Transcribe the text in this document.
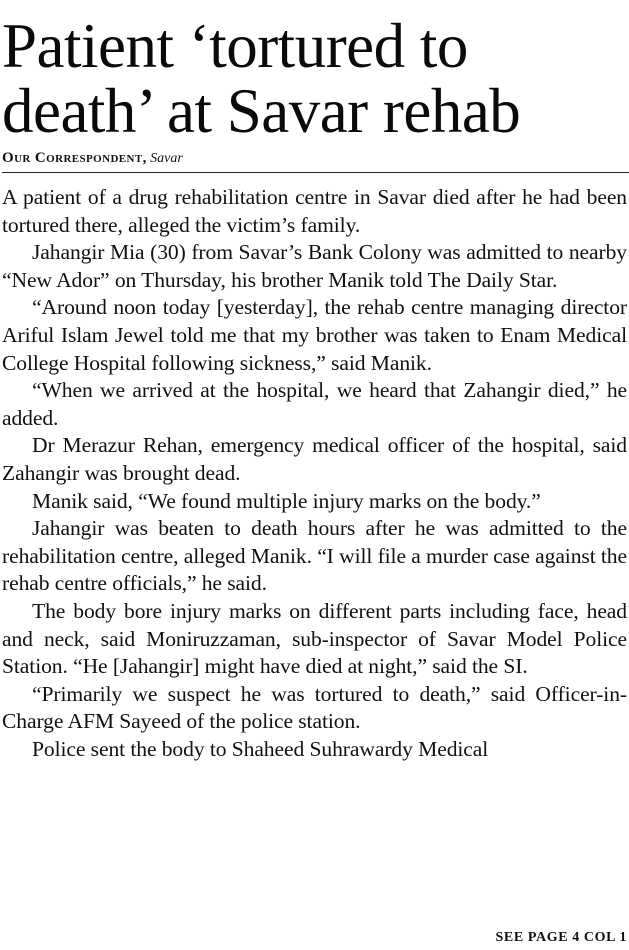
Patient ‘tortured to
death’ at Savar rehab
Our Correspondent, Savar

A patient of a drug rehabilitation centre in Savar died after he had been tortured there, alleged the victim’s family.

Jahangir Mia (30) from Savar’s Bank Colony was admitted to nearby “New Ador” on Thursday, his brother Manik told The Daily Star.

“Around noon today [yesterday], the rehab centre managing director Ariful Islam Jewel told me that my brother was taken to Enam Medical College Hospital following sickness,” said Manik.

“When we arrived at the hospital, we heard that Zahangir died,” he added.

Dr Merazur Rehan, emergency medical officer of the hospital, said Zahangir was brought dead.

Manik said, “We found multiple injury marks on the body.”

Jahangir was beaten to death hours after he was admitted to the rehabilitation centre, alleged Manik. “I will file a murder case against the rehab centre officials,” he said.

The body bore injury marks on different parts including face, head and neck, said Moniruzzaman, sub-inspector of Savar Model Police Station. “He [Jahangir] might have died at night,” said the SI.

“Primarily we suspect he was tortured to death,” said Officer-in-Charge AFM Sayeed of the police station.

Police sent the body to Shaheed Suhrawardy Medical

SEE PAGE 4 COL 1
